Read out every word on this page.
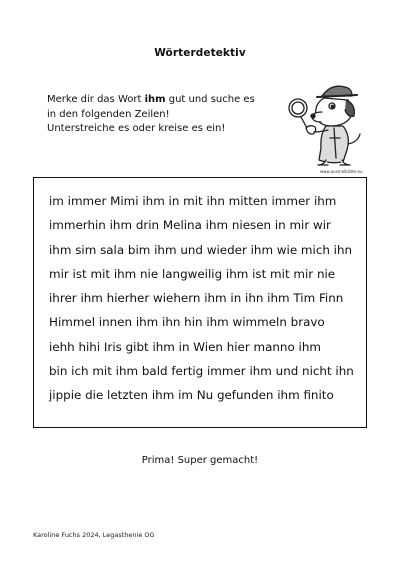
Wörterdetektiv
Merke dir das Wort ihm gut und suche es
in den folgenden Zeilen!
Unterstreiche es oder kreise es ein!
www.ausmalbilder.eu
im immer Mimi ihm in mit ihn mitten immer ihm
immerhin ihm drin Melina ihm niesen in mir wir
ihm sim sala bim ihm und wieder ihm wie mich ihn
mir ist mit ihm nie langweilig ihm ist mit mir nie
ihrer ihm hierher wiehern ihm in ihn ihm Tim Finn
Himmel innen ihm ihn hin ihm wimmeln bravo
iehh hihi Iris gibt ihm in Wien hier manno ihm
bin ich mit ihm bald fertig immer ihm und nicht ihn
jippie die letzten ihm im Nu gefunden ihm finito
Prima! Super gemacht!
Karoline Fuchs 2024, Legasthenie OG
